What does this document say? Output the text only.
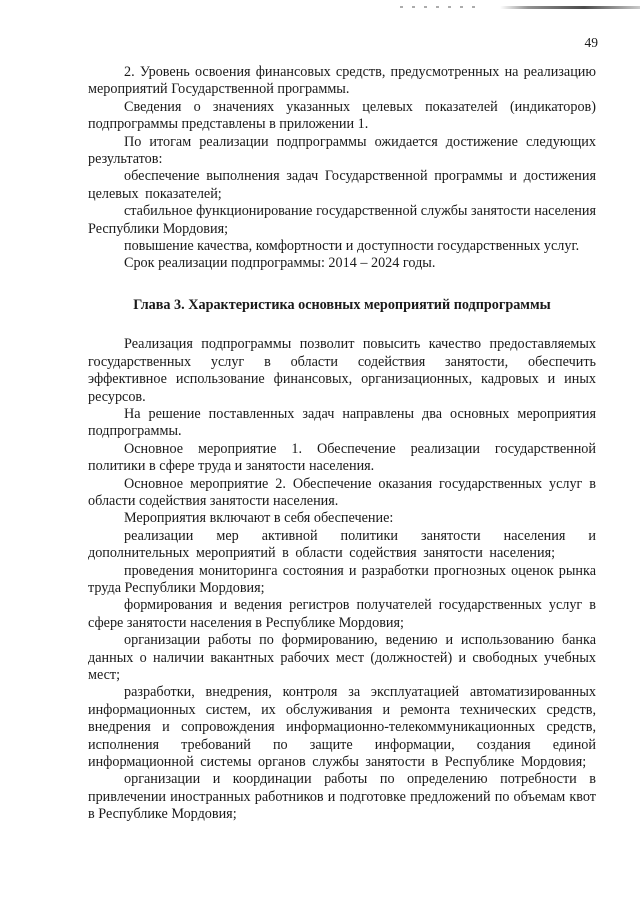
49

2. Уровень освоения финансовых средств, предусмотренных на реализацию мероприятий Государственной программы.

Сведения о значениях указанных целевых показателей (индикаторов) подпрограммы представлены в приложении 1.

По итогам реализации подпрограммы ожидается достижение следующих результатов:

обеспечение выполнения задач Государственной программы и достижения целевых показателей;

стабильное функционирование государственной службы занятости населения Республики Мордовия;

повышение качества, комфортности и доступности государственных услуг.

Срок реализации подпрограммы: 2014 – 2024 годы.

Глава 3. Характеристика основных мероприятий подпрограммы

Реализация подпрограммы позволит повысить качество предоставляемых государственных услуг в области содействия занятости, обеспечить эффективное использование финансовых, организационных, кадровых и иных ресурсов.

На решение поставленных задач направлены два основных мероприятия подпрограммы.

Основное мероприятие 1. Обеспечение реализации государственной политики в сфере труда и занятости населения.

Основное мероприятие 2. Обеспечение оказания государственных услуг в области содействия занятости населения.

Мероприятия включают в себя обеспечение:

реализации мер активной политики занятости населения и дополнительных мероприятий в области содействия занятости населения;

проведения мониторинга состояния и разработки прогнозных оценок рынка труда Республики Мордовия;

формирования и ведения регистров получателей государственных услуг в сфере занятости населения в Республике Мордовия;

организации работы по формированию, ведению и использованию банка данных о наличии вакантных рабочих мест (должностей) и свободных учебных мест;

разработки, внедрения, контроля за эксплуатацией автоматизированных информационных систем, их обслуживания и ремонта технических средств, внедрения и сопровождения информационно-телекоммуникационных средств, исполнения требований по защите информации, создания единой информационной системы органов службы занятости в Республике Мордовия;

организации и координации работы по определению потребности в привлечении иностранных работников и подготовке предложений по объемам квот в Республике Мордовия;
